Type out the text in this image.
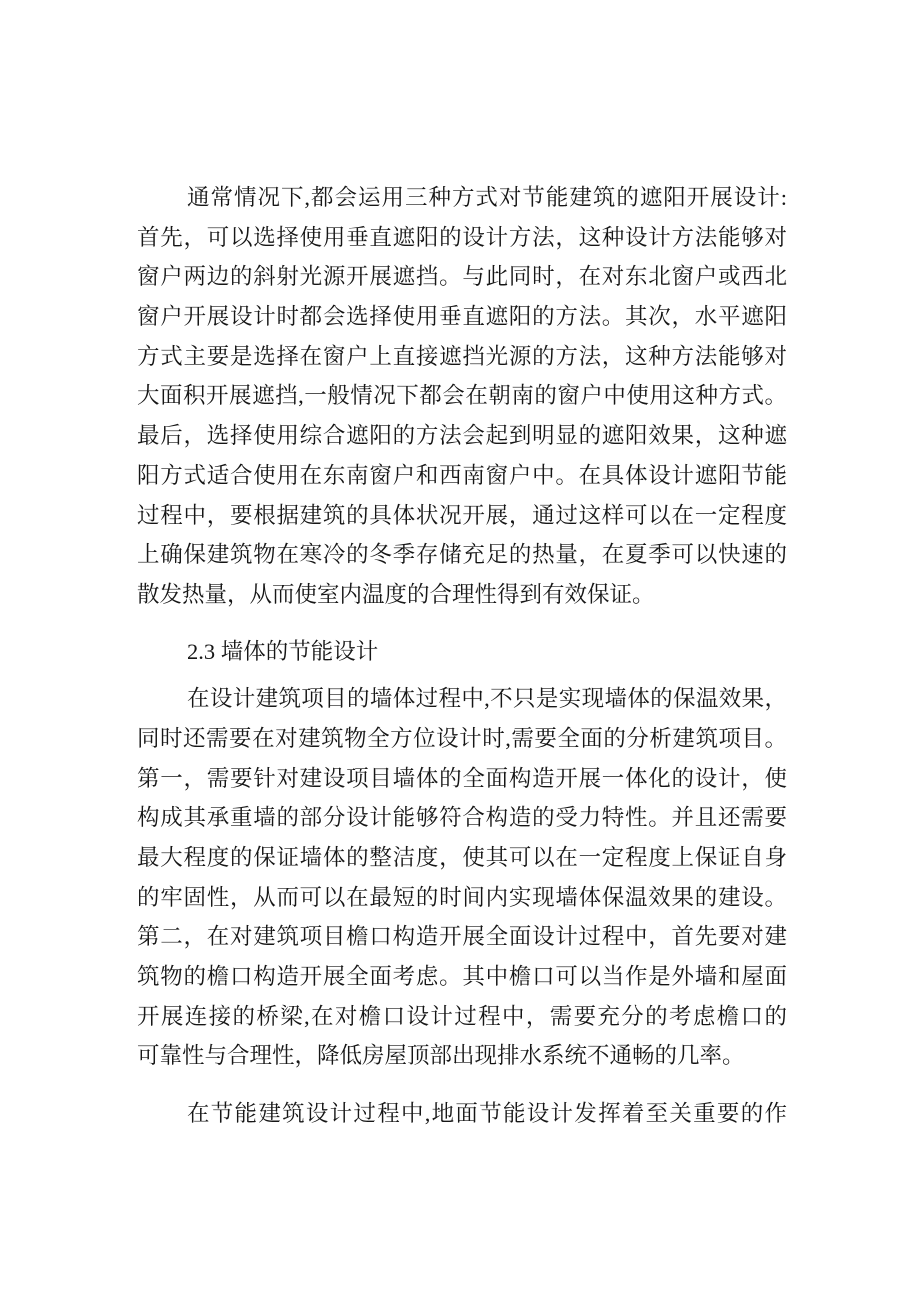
通常情况下,都会运用三种方式对节能建筑的遮阳开展设计:
首先，可以选择使用垂直遮阳的设计方法，这种设计方法能够对
窗户两边的斜射光源开展遮挡。与此同时，在对东北窗户或西北
窗户开展设计时都会选择使用垂直遮阳的方法。其次，水平遮阳
方式主要是选择在窗户上直接遮挡光源的方法，这种方法能够对
大面积开展遮挡,一般情况下都会在朝南的窗户中使用这种方式。
最后，选择使用综合遮阳的方法会起到明显的遮阳效果，这种遮
阳方式适合使用在东南窗户和西南窗户中。在具体设计遮阳节能
过程中，要根据建筑的具体状况开展，通过这样可以在一定程度
上确保建筑物在寒冷的冬季存储充足的热量，在夏季可以快速的
散发热量，从而使室内温度的合理性得到有效保证。
2.3 墙体的节能设计
在设计建筑项目的墙体过程中,不只是实现墙体的保温效果，
同时还需要在对建筑物全方位设计时,需要全面的分析建筑项目。
第一，需要针对建设项目墙体的全面构造开展一体化的设计，使
构成其承重墙的部分设计能够符合构造的受力特性。并且还需要
最大程度的保证墙体的整洁度，使其可以在一定程度上保证自身
的牢固性，从而可以在最短的时间内实现墙体保温效果的建设。
第二，在对建筑项目檐口构造开展全面设计过程中，首先要对建
筑物的檐口构造开展全面考虑。其中檐口可以当作是外墙和屋面
开展连接的桥梁,在对檐口设计过程中，需要充分的考虑檐口的
可靠性与合理性，降低房屋顶部出现排水系统不通畅的几率。
在节能建筑设计过程中,地面节能设计发挥着至关重要的作
